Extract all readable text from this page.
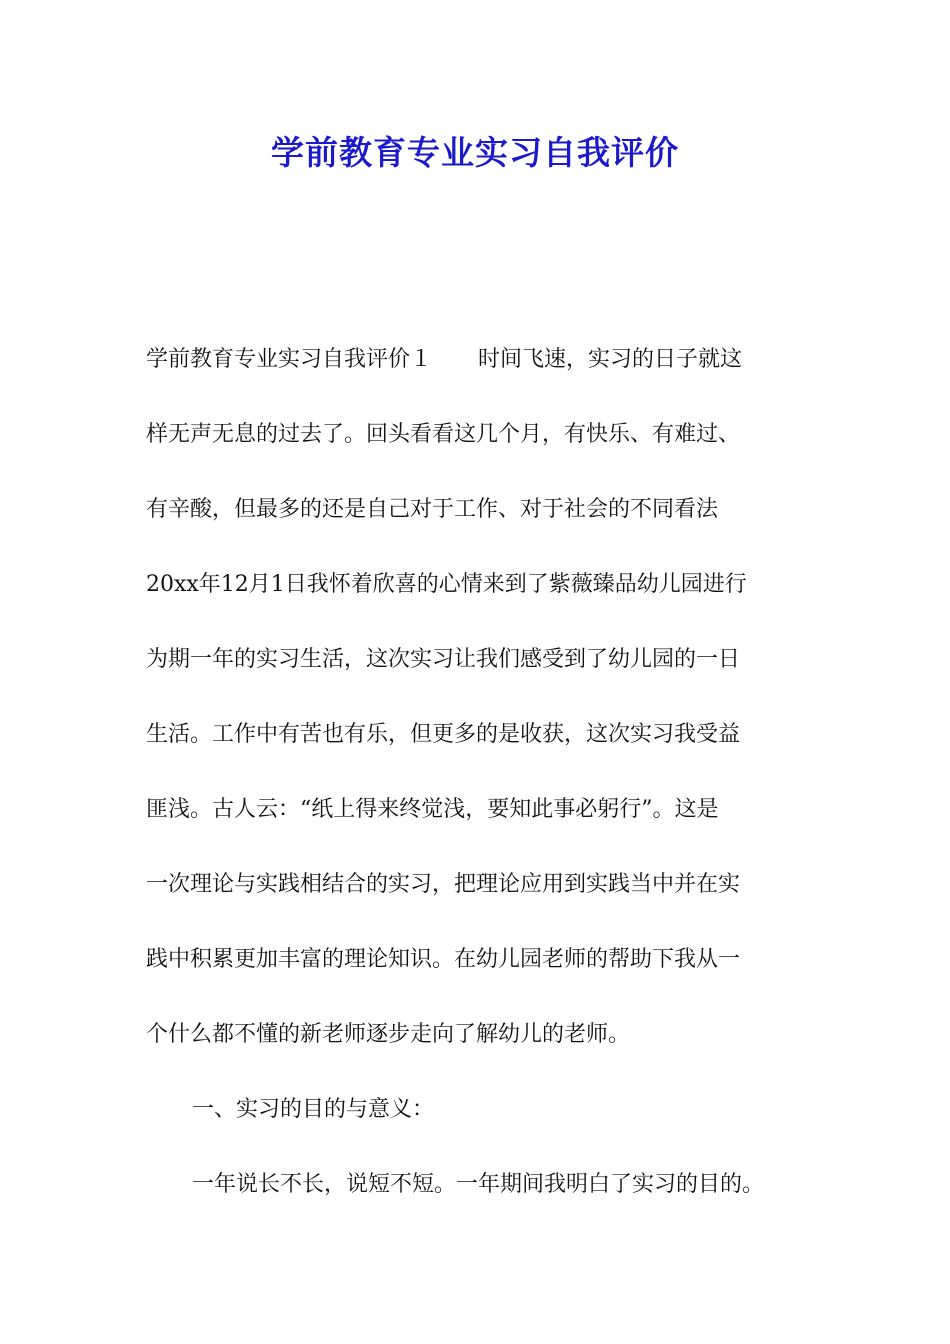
学前教育专业实习自我评价
学前教育专业实习自我评价１ 时间飞速，实习的日子就这
样无声无息的过去了。回头看看这几个月，有快乐、有难过、
有辛酸，但最多的还是自己对于工作、对于社会的不同看法
20xx年12月1日我怀着欣喜的心情来到了紫薇臻品幼儿园进行
为期一年的实习生活，这次实习让我们感受到了幼儿园的一日
生活。工作中有苦也有乐，但更多的是收获，这次实习我受益
匪浅。古人云：“纸上得来终觉浅，要知此事必躬行”。这是
一次理论与实践相结合的实习，把理论应用到实践当中并在实
践中积累更加丰富的理论知识。在幼儿园老师的帮助下我从一
个什么都不懂的新老师逐步走向了解幼儿的老师。
一、实习的目的与意义：
一年说长不长，说短不短。一年期间我明白了实习的目的。
